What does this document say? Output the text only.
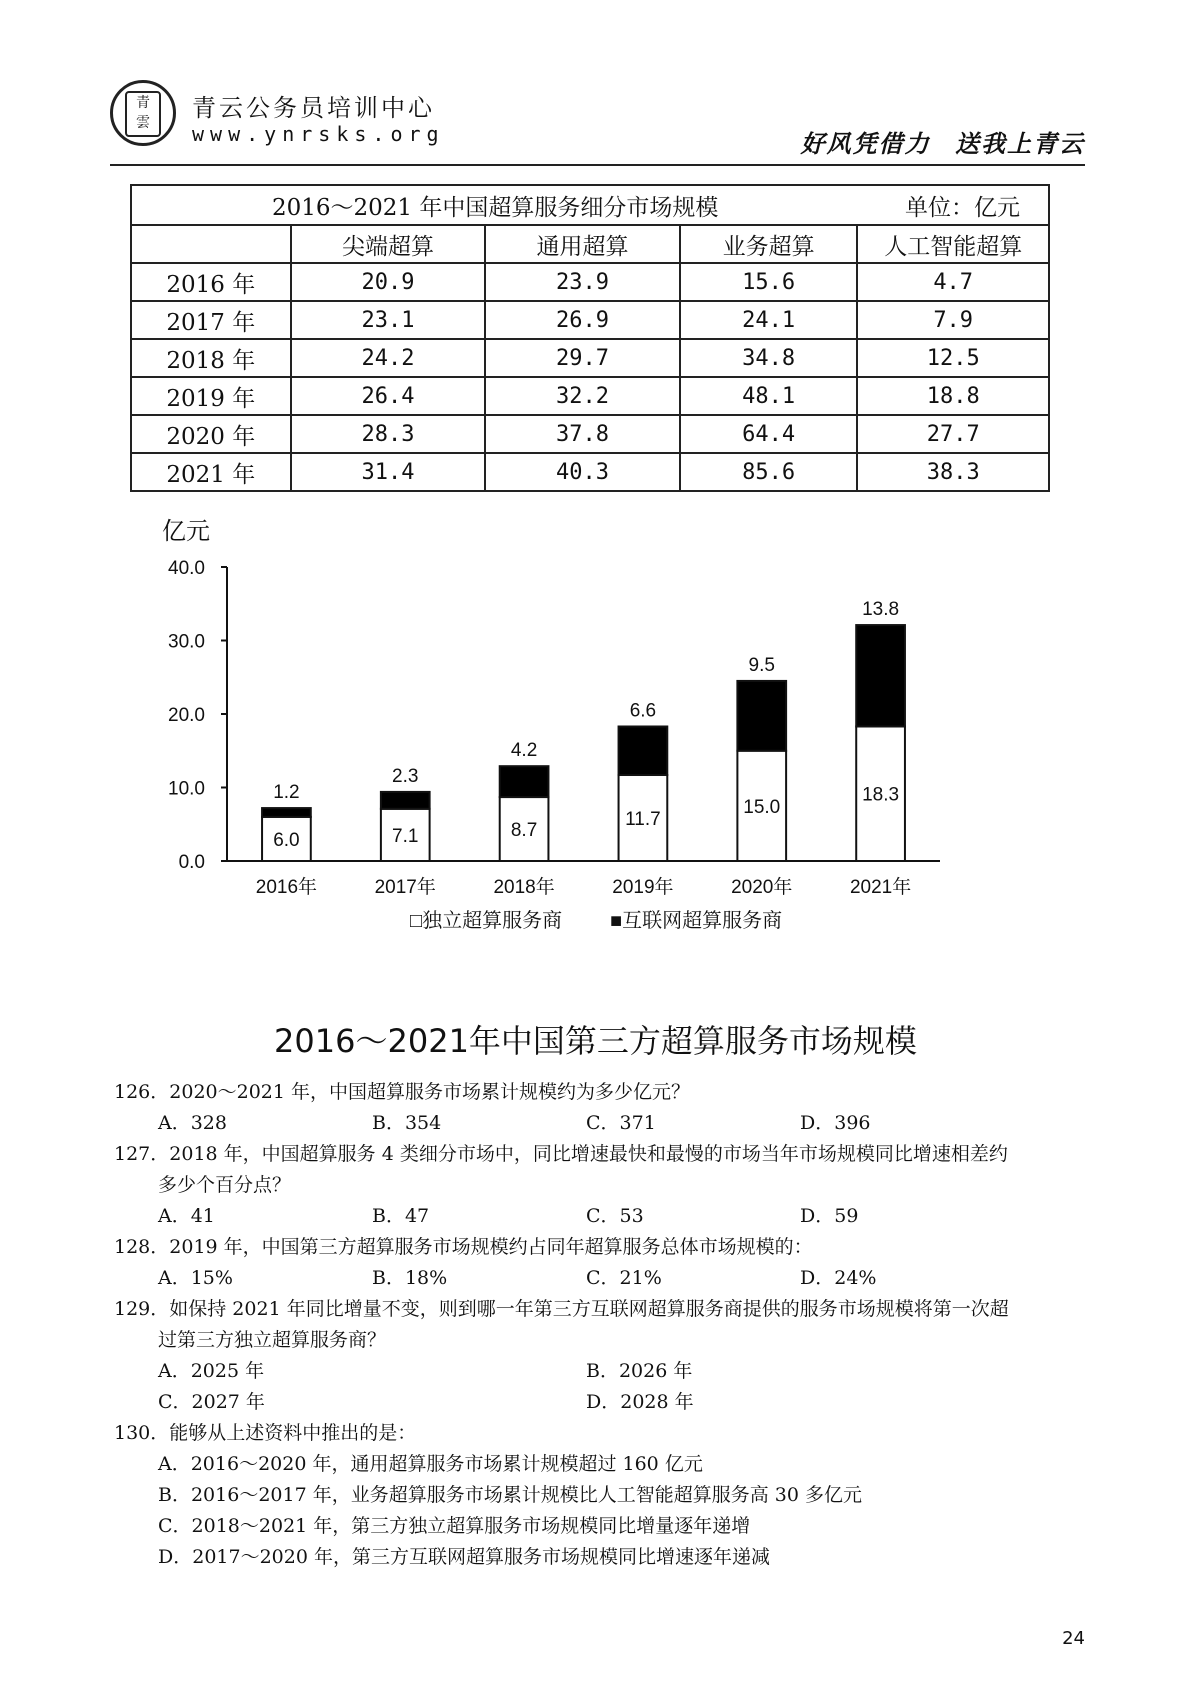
青
雲
青云公务员培训中心
www.ynrsks.org	好风凭借力 送我上青云
2016～2021 年中国超算服务细分市场规模 单位：亿元				

	尖端超算	通用超算	业务超算	人工智能超算
2016 年	20.9	23.9	15.6	4.7
2017 年	23.1	26.9	24.1	7.9
2018 年	24.2	29.7	34.8	12.5
2019 年	26.4	32.2	48.1	18.8
2020 年	28.3	37.8	64.4	27.7
2021 年	31.4	40.3	85.6	38.3
亿元
0.0
10.0
20.0
30.0
40.0
6.0
1.2
2016年
7.1
2.3
2017年
8.7
4.2
2018年
11.7
6.6
2019年
15.0
9.5
2020年
18.3
13.8
2021年
□独立超算服务商 ■互联网超算服务商
2016～2021年中国第三方超算服务市场规模
126．2020～2021 年，中国超算服务市场累计规模约为多少亿元？
A．328	B．354	C．371	D．396
127．2018 年，中国超算服务 4 类细分市场中，同比增速最快和最慢的市场当年市场规模同比增速相差约
多少个百分点？
A．41	B．47	C．53	D．59
128．2019 年，中国第三方超算服务市场规模约占同年超算服务总体市场规模的：
A．15%	B．18%	C．21%	D．24%
129．如保持 2021 年同比增量不变，则到哪一年第三方互联网超算服务商提供的服务市场规模将第一次超
过第三方独立超算服务商？
A．2025 年	B．2026 年
C．2027 年	D．2028 年
130．能够从上述资料中推出的是：
A．2016～2020 年，通用超算服务市场累计规模超过 160 亿元
B．2016～2017 年，业务超算服务市场累计规模比人工智能超算服务高 30 多亿元
C．2018～2021 年，第三方独立超算服务市场规模同比增量逐年递增
D．2017～2020 年，第三方互联网超算服务市场规模同比增速逐年递减
24
